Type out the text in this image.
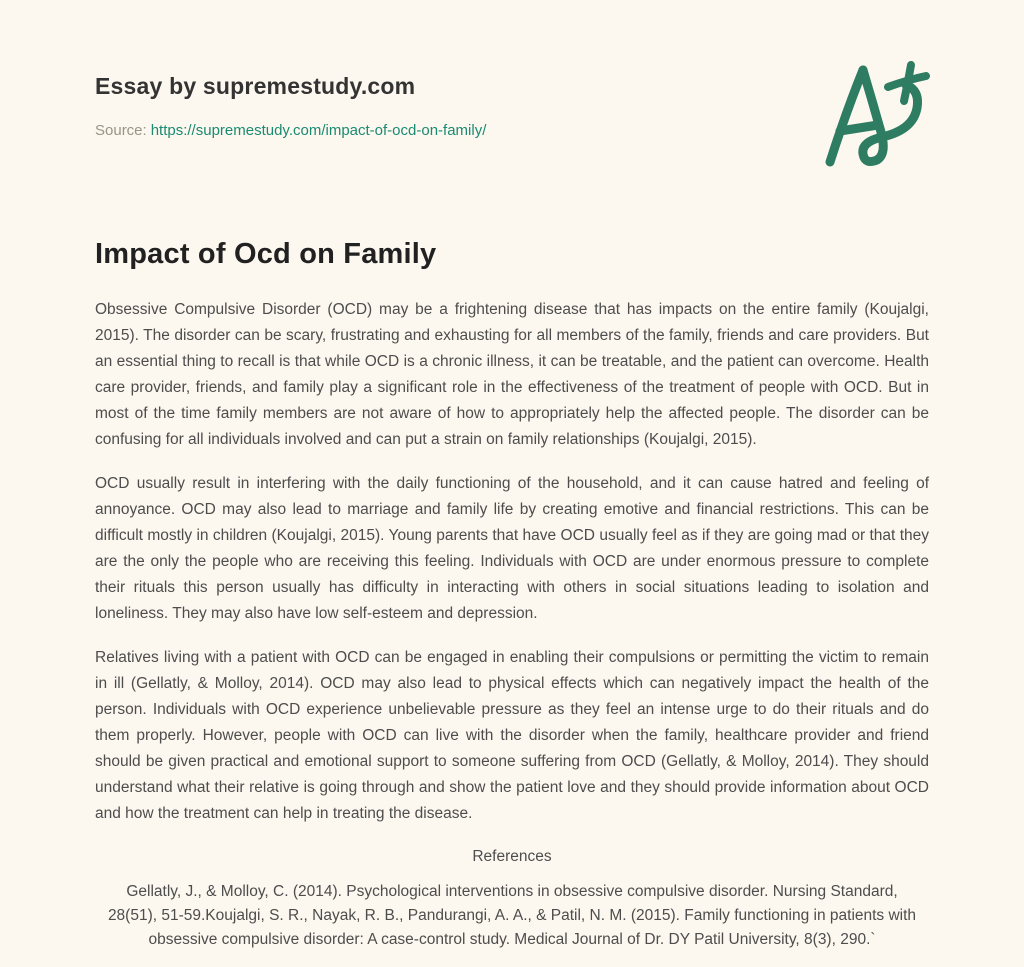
Essay by supremestudy.com
Source: https://supremestudy.com/impact-of-ocd-on-family/
Impact of Ocd on Family

Obsessive Compulsive Disorder (OCD) may be a frightening disease that has impacts on the entire family (Koujalgi, 2015). The disorder can be scary, frustrating and exhausting for all members of the family, friends and care providers. But an essential thing to recall is that while OCD is a chronic illness, it can be treatable, and the patient can overcome. Health care provider, friends, and family play a significant role in the effectiveness of the treatment of people with OCD. But in most of the time family members are not aware of how to appropriately help the affected people. The disorder can be confusing for all individuals involved and can put a strain on family relationships (Koujalgi, 2015).

OCD usually result in interfering with the daily functioning of the household, and it can cause hatred and feeling of annoyance. OCD may also lead to marriage and family life by creating emotive and financial restrictions. This can be difficult mostly in children (Koujalgi, 2015). Young parents that have OCD usually feel as if they are going mad or that they are the only the people who are receiving this feeling. Individuals with OCD are under enormous pressure to complete their rituals this person usually has difficulty in interacting with others in social situations leading to isolation and loneliness. They may also have low self-esteem and depression.

Relatives living with a patient with OCD can be engaged in enabling their compulsions or permitting the victim to remain in ill (Gellatly, & Molloy, 2014). OCD may also lead to physical effects which can negatively impact the health of the person. Individuals with OCD experience unbelievable pressure as they feel an intense urge to do their rituals and do them properly. However, people with OCD can live with the disorder when the family, healthcare provider and friend should be given practical and emotional support to someone suffering from OCD (Gellatly, & Molloy, 2014). They should understand what their relative is going through and show the patient love and they should provide information about OCD and how the treatment can help in treating the disease.

References

Gellatly, J., & Molloy, C. (2014). Psychological interventions in obsessive compulsive disorder. Nursing Standard, 28(51), 51-59.Koujalgi, S. R., Nayak, R. B., Pandurangi, A. A., & Patil, N. M. (2015). Family functioning in patients with obsessive compulsive disorder: A case-control study. Medical Journal of Dr. DY Patil University, 8(3), 290.`
